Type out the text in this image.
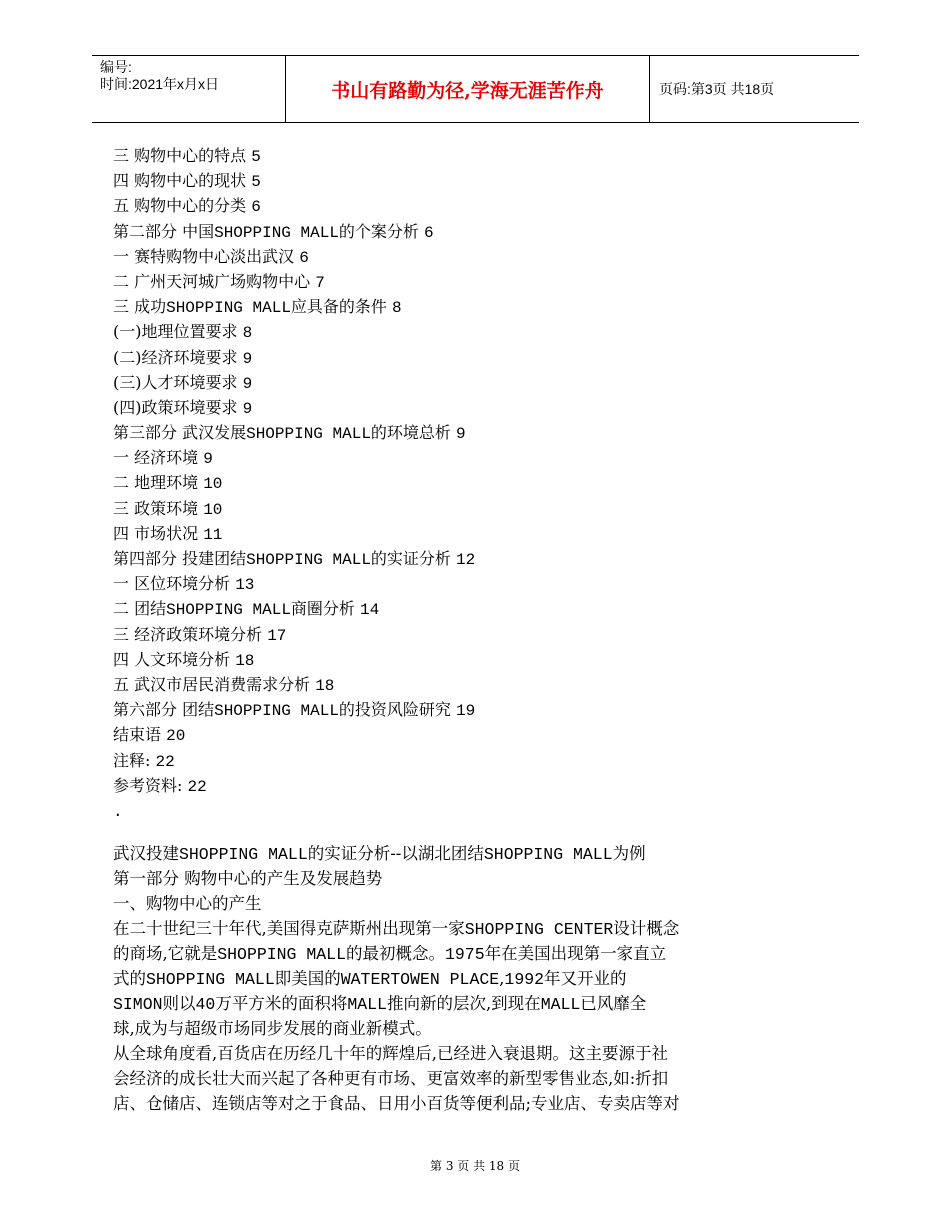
编号:
时间:2021年x月x日	书山有路勤为径,学海无涯苦作舟	页码:第3页 共18页
三 购物中心的特点 5
四 购物中心的现状 5
五 购物中心的分类 6
第二部分 中国SHOPPING MALL的个案分析 6
一 赛特购物中心淡出武汉 6
二 广州天河城广场购物中心 7
三 成功SHOPPING MALL应具备的条件 8
(一)地理位置要求 8
(二)经济环境要求 9
(三)人才环境要求 9
(四)政策环境要求 9
第三部分 武汉发展SHOPPING MALL的环境总析 9
一 经济环境 9
二 地理环境 10
三 政策环境 10
四 市场状况 11
第四部分 投建团结SHOPPING MALL的实证分析 12
一 区位环境分析 13
二 团结SHOPPING MALL商圈分析 14
三 经济政策环境分析 17
四 人文环境分析 18
五 武汉市居民消费需求分析 18
第六部分 团结SHOPPING MALL的投资风险研究 19
结束语 20
注释: 22
参考资料: 22
.
武汉投建SHOPPING MALL的实证分析--以湖北团结SHOPPING MALL为例
第一部分 购物中心的产生及发展趋势
一、购物中心的产生
在二十世纪三十年代,美国得克萨斯州出现第一家SHOPPING CENTER设计概念
的商场,它就是SHOPPING MALL的最初概念。1975年在美国出现第一家直立
式的SHOPPING MALL即美国的WATERTOWEN PLACE,1992年又开业的
SIMON则以40万平方米的面积将MALL推向新的层次,到现在MALL已风靡全
球,成为与超级市场同步发展的商业新模式。
从全球角度看,百货店在历经几十年的辉煌后,已经进入衰退期。这主要源于社
会经济的成长壮大而兴起了各种更有市场、更富效率的新型零售业态,如:折扣
店、仓储店、连锁店等对之于食品、日用小百货等便利品;专业店、专卖店等对
第 3 页 共 18 页
